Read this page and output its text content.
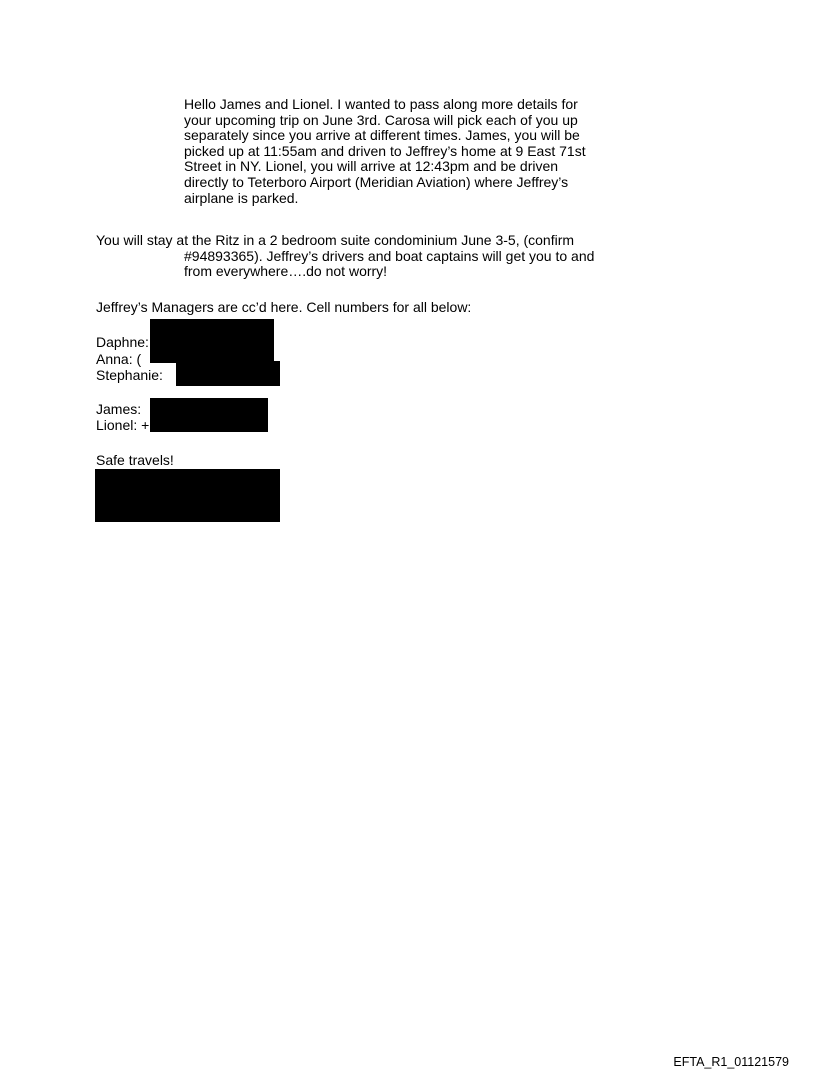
Hello James and Lionel. I wanted to pass along more details for
your upcoming trip on June 3rd. Carosa will pick each of you up
separately since you arrive at different times. James, you will be
picked up at 11:55am and driven to Jeffrey’s home at 9 East 71st
Street in NY. Lionel, you will arrive at 12:43pm and be driven
directly to Teterboro Airport (Meridian Aviation) where Jeffrey’s
airplane is parked.
You will stay at the Ritz in a 2 bedroom suite condominium June 3-5, (confirm
#94893365). Jeffrey’s drivers and boat captains will get you to and
from everywhere….do not worry!
Jeffrey’s Managers are cc’d here. Cell numbers for all below:
Daphne:
Anna: (
Stephanie:
James:
Lionel: +
Safe travels!
EFTA_R1_01121579
